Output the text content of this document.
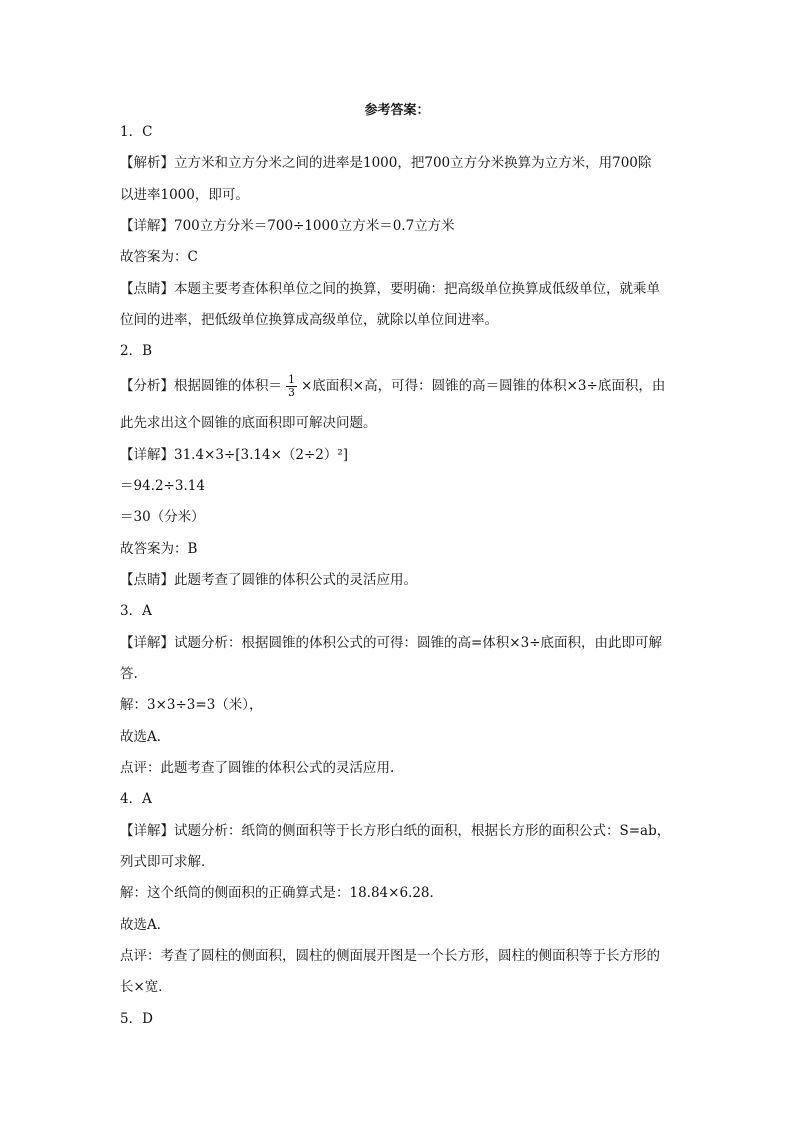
参考答案：
1．C
【解析】立方米和立方分米之间的进率是1000，把700立方分米换算为立方米，用700除
以进率1000，即可。
【详解】700立方分米＝700÷1000立方米＝0.7立方米
故答案为：C
【点睛】本题主要考查体积单位之间的换算，要明确：把高级单位换算成低级单位，就乘单
位间的进率，把低级单位换算成高级单位，就除以单位间进率。
2．B
【分析】根据圆锥的体积＝ $\frac{1}{3}$ ×底面积×高，可得：圆锥的高＝圆锥的体积×3÷底面积，由
此先求出这个圆锥的底面积即可解决问题。
【详解】31.4×3÷[3.14×（2÷2）²]
＝94.2÷3.14
＝30（分米）
故答案为：B
【点睛】此题考查了圆锥的体积公式的灵活应用。
3．A
【详解】试题分析：根据圆锥的体积公式的可得：圆锥的高=体积×3÷底面积，由此即可解
答.
解：3×3÷3=3（米），
故选A．
点评：此题考查了圆锥的体积公式的灵活应用.
4．A
【详解】试题分析：纸筒的侧面积等于长方形白纸的面积，根据长方形的面积公式：S=ab，
列式即可求解．
解：这个纸筒的侧面积的正确算式是：18.84×6.28．
故选A．
点评：考查了圆柱的侧面积，圆柱的侧面展开图是一个长方形，圆柱的侧面积等于长方形的
长×宽．
5．D
